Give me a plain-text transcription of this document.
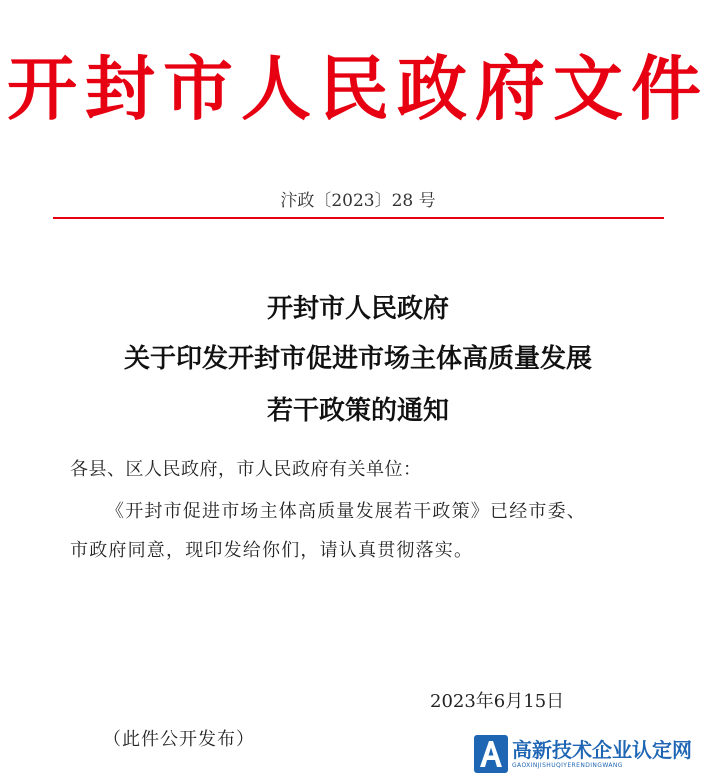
开封市人民政府文件
汴政〔2023〕28 号
开封市人民政府
关于印发开封市促进市场主体高质量发展
若干政策的通知
各县、区人民政府，市人民政府有关单位：
《开封市促进市场主体高质量发展若干政策》已经市委、
市政府同意，现印发给你们，请认真贯彻落实。
2023年6月15日
（此件公开发布）	高新技术企业认定网
GAOXINJISHUQIYERENDINGWANG
